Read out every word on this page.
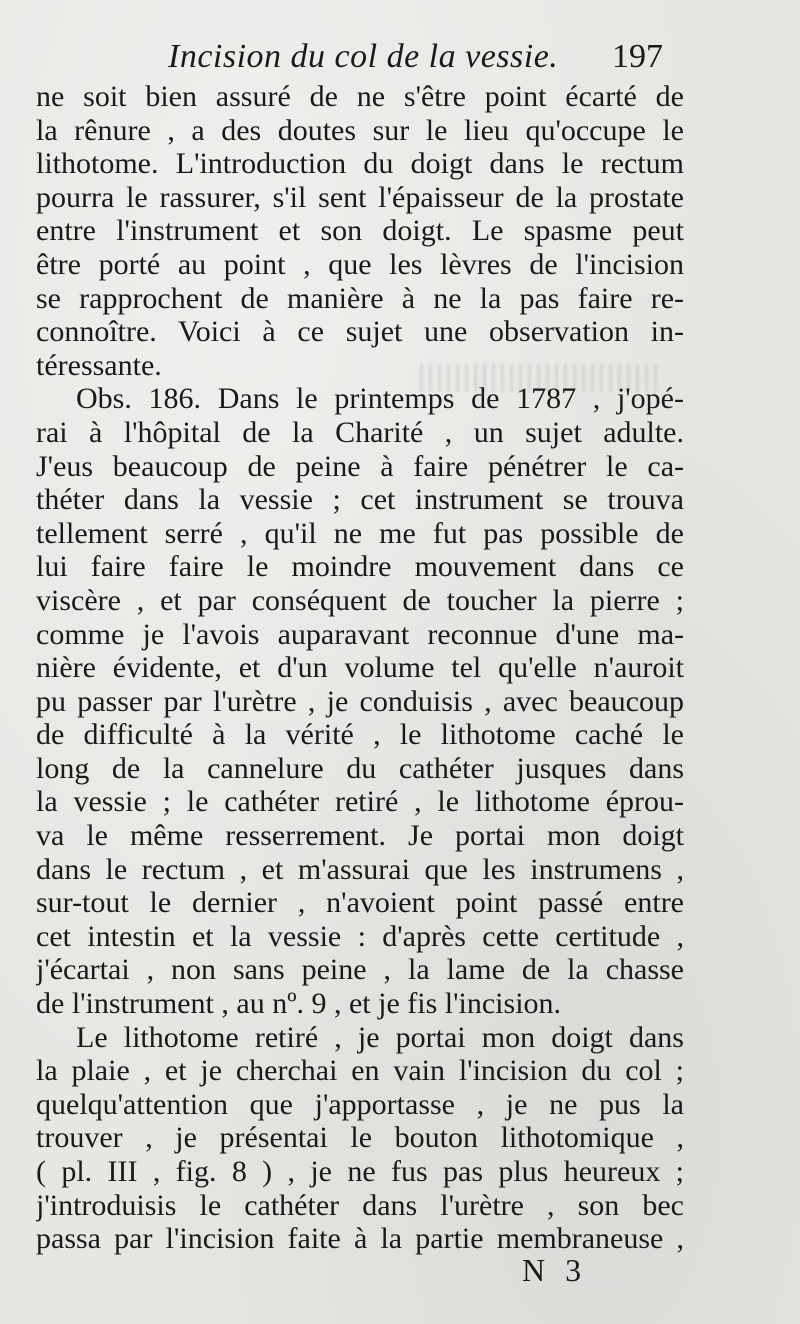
Incision du col de la vessie. 197
ne soit bien assuré de ne s'être point écarté de
la rênure , a des doutes sur le lieu qu'occupe le
lithotome. L'introduction du doigt dans le rectum
pourra le rassurer, s'il sent l'épaisseur de la prostate
entre l'instrument et son doigt. Le spasme peut
être porté au point , que les lèvres de l'incision
se rapprochent de manière à ne la pas faire re-
connoître. Voici à ce sujet une observation in-
téressante.
Obs. 186. Dans le printemps de 1787 , j'opé-
rai à l'hôpital de la Charité , un sujet adulte.
J'eus beaucoup de peine à faire pénétrer le ca-
théter dans la vessie ; cet instrument se trouva
tellement serré , qu'il ne me fut pas possible de
lui faire faire le moindre mouvement dans ce
viscère , et par conséquent de toucher la pierre ;
comme je l'avois auparavant reconnue d'une ma-
nière évidente, et d'un volume tel qu'elle n'auroit
pu passer par l'urètre , je conduisis , avec beaucoup
de difficulté à la vérité , le lithotome caché le
long de la cannelure du cathéter jusques dans
la vessie ; le cathéter retiré , le lithotome éprou-
va le même resserrement. Je portai mon doigt
dans le rectum , et m'assurai que les instrumens ,
sur-tout le dernier , n'avoient point passé entre
cet intestin et la vessie : d'après cette certitude ,
j'écartai , non sans peine , la lame de la chasse
de l'instrument , au nº. 9 , et je fis l'incision.
Le lithotome retiré , je portai mon doigt dans
la plaie , et je cherchai en vain l'incision du col ;
quelqu'attention que j'apportasse , je ne pus la
trouver , je présentai le bouton lithotomique ,
( pl. III , fig. 8 ) , je ne fus pas plus heureux ;
j'introduisis le cathéter dans l'urètre , son bec
passa par l'incision faite à la partie membraneuse ,
N 3
